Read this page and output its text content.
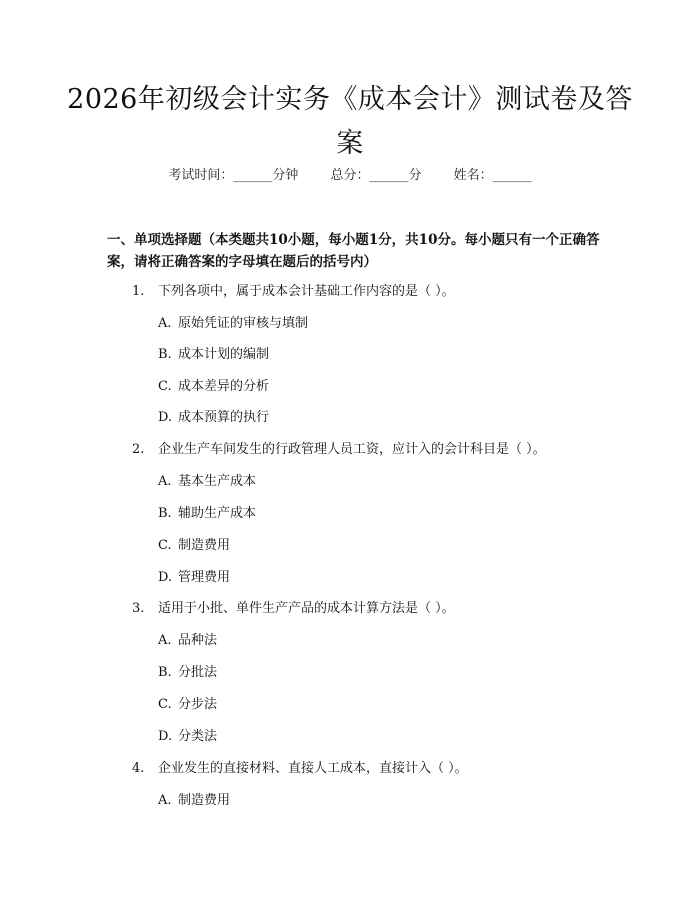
2026年初级会计实务《成本会计》测试卷及答案
考试时间：______分钟 总分：______分 姓名：______

一、单项选择题（本类题共10小题，每小题1分，共10分。每小题只有一个正确答案，请将正确答案的字母填在题后的括号内）

1. 下列各项中，属于成本会计基础工作内容的是（ ）。
A. 原始凭证的审核与填制
B. 成本计划的编制
C. 成本差异的分析
D. 成本预算的执行
2. 企业生产车间发生的行政管理人员工资，应计入的会计科目是（ ）。
A. 基本生产成本
B. 辅助生产成本
C. 制造费用
D. 管理费用
3. 适用于小批、单件生产产品的成本计算方法是（ ）。
A. 品种法
B. 分批法
C. 分步法
D. 分类法
4. 企业发生的直接材料、直接人工成本，直接计入（ ）。
A. 制造费用
